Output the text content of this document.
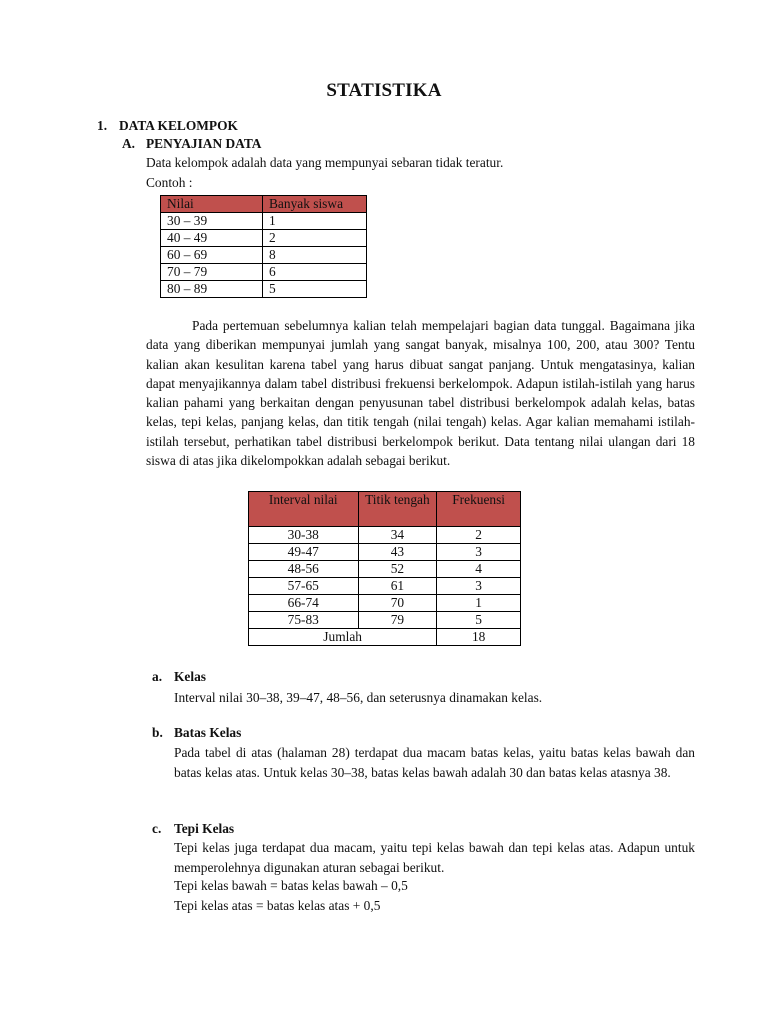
STATISTIKA
1. DATA KELOMPOK
A. PENYAJIAN DATA
Data kelompok adalah data yang mempunyai sebaran tidak teratur.
Contoh :
Nilai	Banyak siswa
30 – 39	1
40 – 49	2
60 – 69	8
70 – 79	6
80 – 89	5
Pada pertemuan sebelumnya kalian telah mempelajari bagian data tunggal. Bagaimana jika data yang diberikan mempunyai jumlah yang sangat banyak, misalnya 100, 200, atau 300? Tentu kalian akan kesulitan karena tabel yang harus dibuat sangat panjang. Untuk mengatasinya, kalian dapat menyajikannya dalam tabel distribusi frekuensi berkelompok. Adapun istilah-istilah yang harus kalian pahami yang berkaitan dengan penyusunan tabel distribusi berkelompok adalah kelas, batas kelas, tepi kelas, panjang kelas, dan titik tengah (nilai tengah) kelas. Agar kalian memahami istilah-istilah tersebut, perhatikan tabel distribusi berkelompok berikut. Data tentang nilai ulangan dari 18 siswa di atas jika dikelompokkan adalah sebagai berikut.
Interval nilai	Titik tengah	Frekuensi
30-38	34	2
49-47	43	3
48-56	52	4
57-65	61	3
66-74	70	1
75-83	79	5
Jumlah		18
a. Kelas
Interval nilai 30–38, 39–47, 48–56, dan seterusnya dinamakan kelas.
b. Batas Kelas
Pada tabel di atas (halaman 28) terdapat dua macam batas kelas, yaitu batas kelas bawah dan batas kelas atas. Untuk kelas 30–38, batas kelas bawah adalah 30 dan batas kelas atasnya 38.
c. Tepi Kelas
Tepi kelas juga terdapat dua macam, yaitu tepi kelas bawah dan tepi kelas atas. Adapun untuk memperolehnya digunakan aturan sebagai berikut.
Tepi kelas bawah = batas kelas bawah – 0,5
Tepi kelas atas = batas kelas atas + 0,5
